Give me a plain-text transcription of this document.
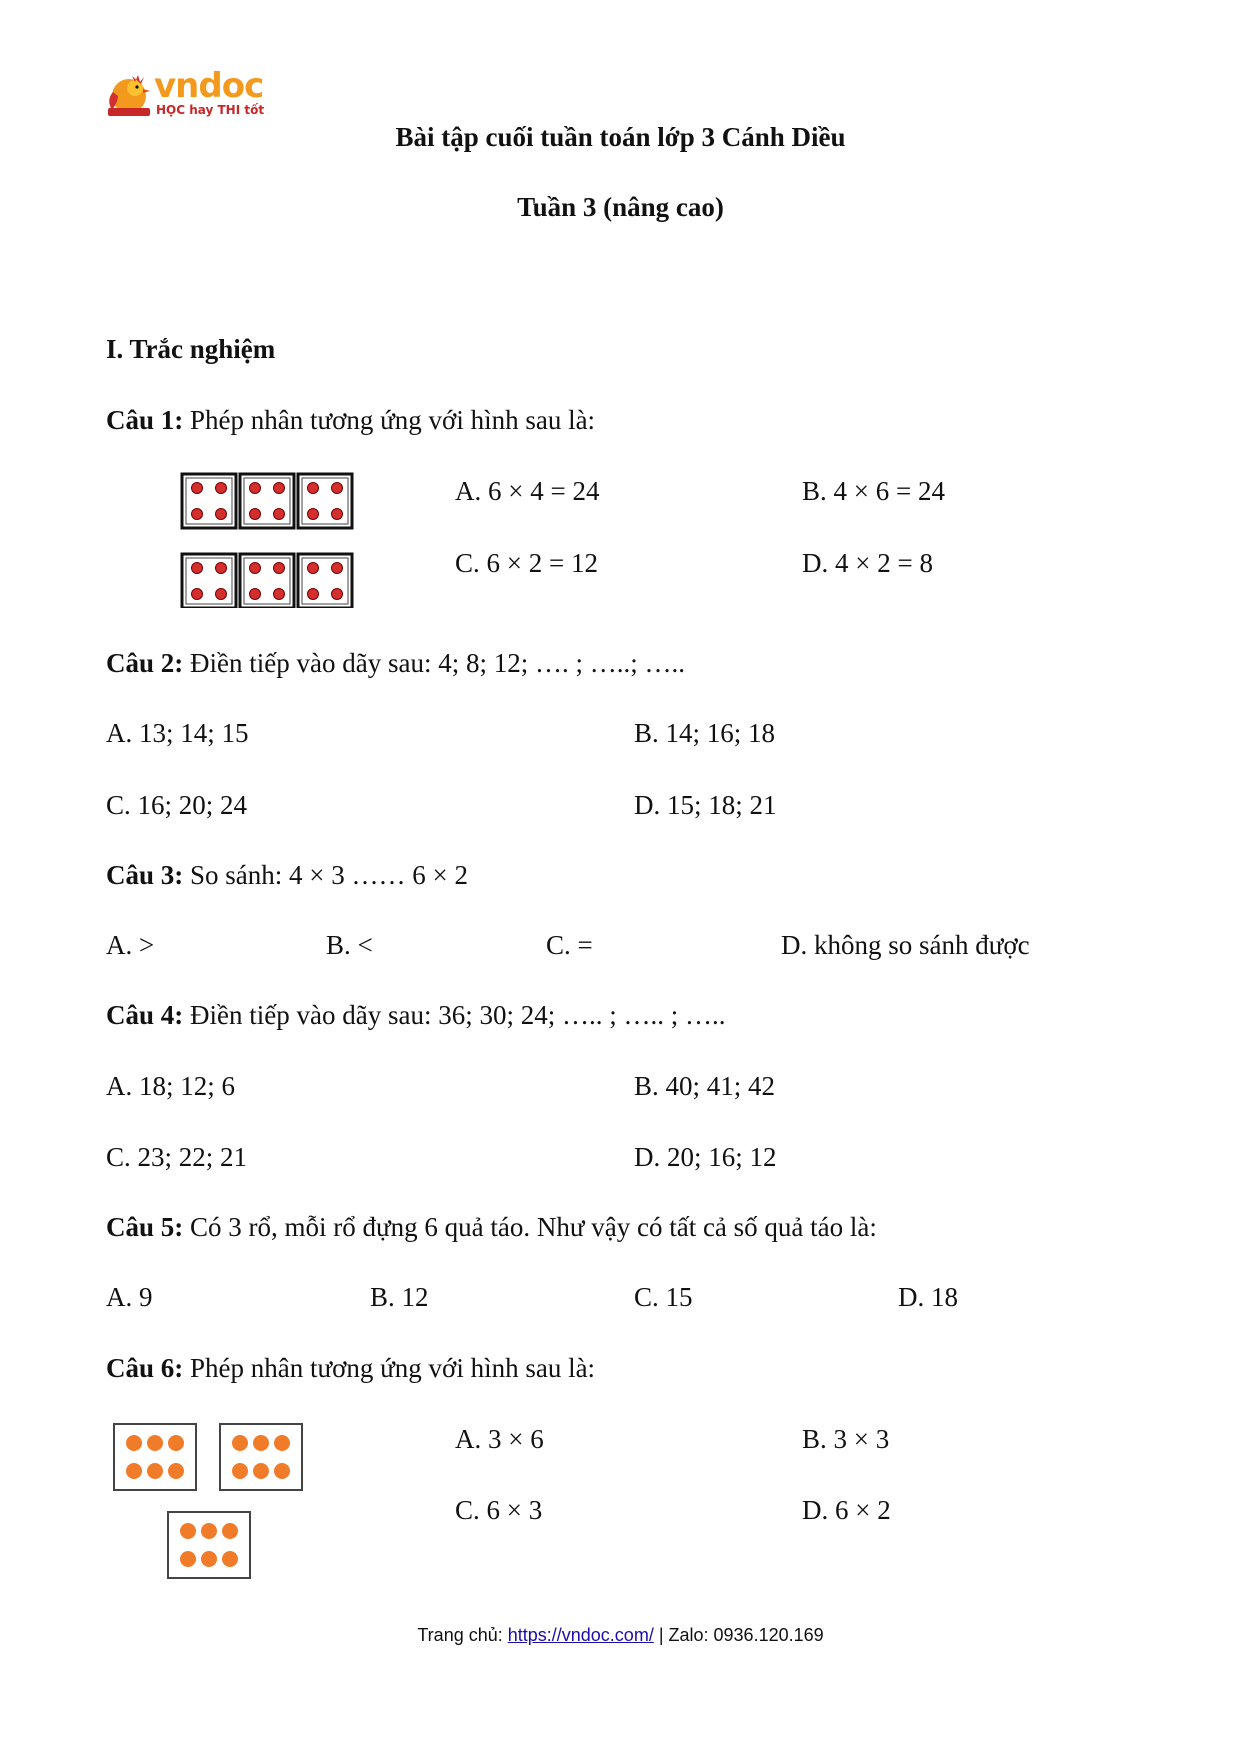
vndoc
HỌC hay THI tốt
Bài tập cuối tuần toán lớp 3 Cánh Diều
Tuần 3 (nâng cao)
I. Trắc nghiệm
Câu 1: Phép nhân tương ứng với hình sau là:
A. 6 × 4 = 24	B. 4 × 6 = 24
C. 6 × 2 = 12	D. 4 × 2 = 8
Câu 2: Điền tiếp vào dãy sau: 4; 8; 12; …. ; …..; …..
A. 13; 14; 15	B. 14; 16; 18
C. 16; 20; 24	D. 15; 18; 21
Câu 3: So sánh: 4 × 3 …… 6 × 2
A. >	B. <	C. =	D. không so sánh được
Câu 4: Điền tiếp vào dãy sau: 36; 30; 24; ….. ; ….. ; …..
A. 18; 12; 6	B. 40; 41; 42
C. 23; 22; 21	D. 20; 16; 12
Câu 5: Có 3 rổ, mỗi rổ đựng 6 quả táo. Như vậy có tất cả số quả táo là:
A. 9	B. 12	C. 15	D. 18
Câu 6: Phép nhân tương ứng với hình sau là:
A. 3 × 6	B. 3 × 3
C. 6 × 3	D. 6 × 2
Trang chủ: https://vndoc.com/ | Zalo: 0936.120.169
